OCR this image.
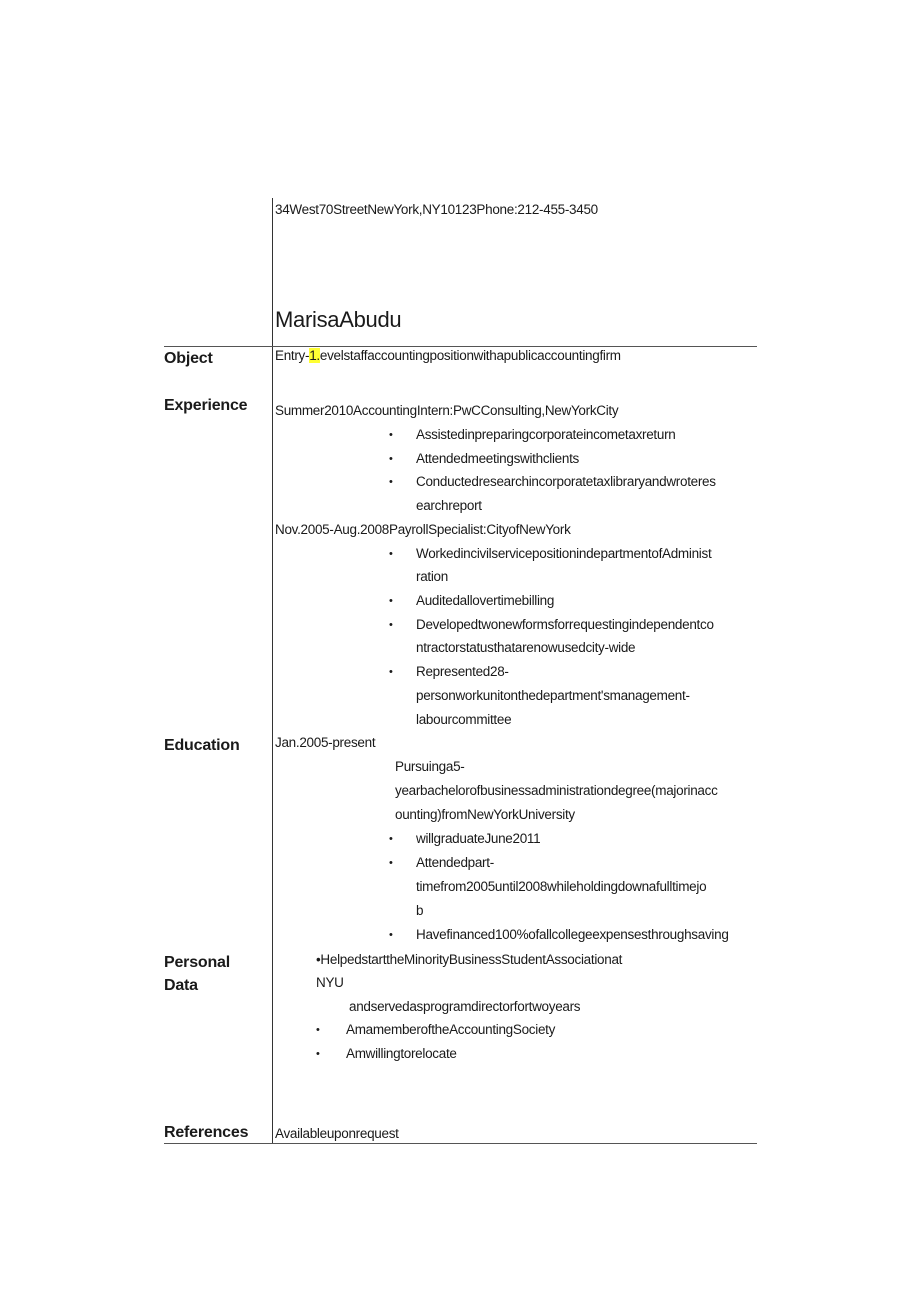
34West70StreetNewYork,NY10123Phone:212-455-3450
MarisaAbudu
Object
Experience
Education
Personal
Data
References
Entry-1.evelstaffaccountingpositionwithapublicaccountingfirm
Summer2010AccountingIntern:PwCConsulting,NewYorkCity
• Assistedinpreparingcorporateincometaxreturn
• Attendedmeetingswithclients
• Conductedresearchincorporatetaxlibraryandwroteres
earchreport
Nov.2005-Aug.2008PayrollSpecialist:CityofNewYork
• WorkedincivilservicepositionindepartmentofAdminist
ration
• Auditedallovertimebilling
• Developedtwonewformsforrequestingindependentco
ntractorstatusthatarenowusedcity-wide
• Represented28-
personworkunitonthedepartment'smanagement-
labourcommittee
Jan.2005-present
Pursuinga5-
yearbachelorofbusinessadministrationdegree(majorinacc
ounting)fromNewYorkUniversity
• willgraduateJune2011
• Attendedpart-
timefrom2005until2008whileholdingdownafulltimejo
b
• Havefinanced100%ofallcollegeexpensesthroughsaving
•HelpedstarttheMinorityBusinessStudentAssociationat
NYU
andservedasprogramdirectorfortwoyears
• AmamemberoftheAccountingSociety
• Amwillingtorelocate
Availableuponrequest
